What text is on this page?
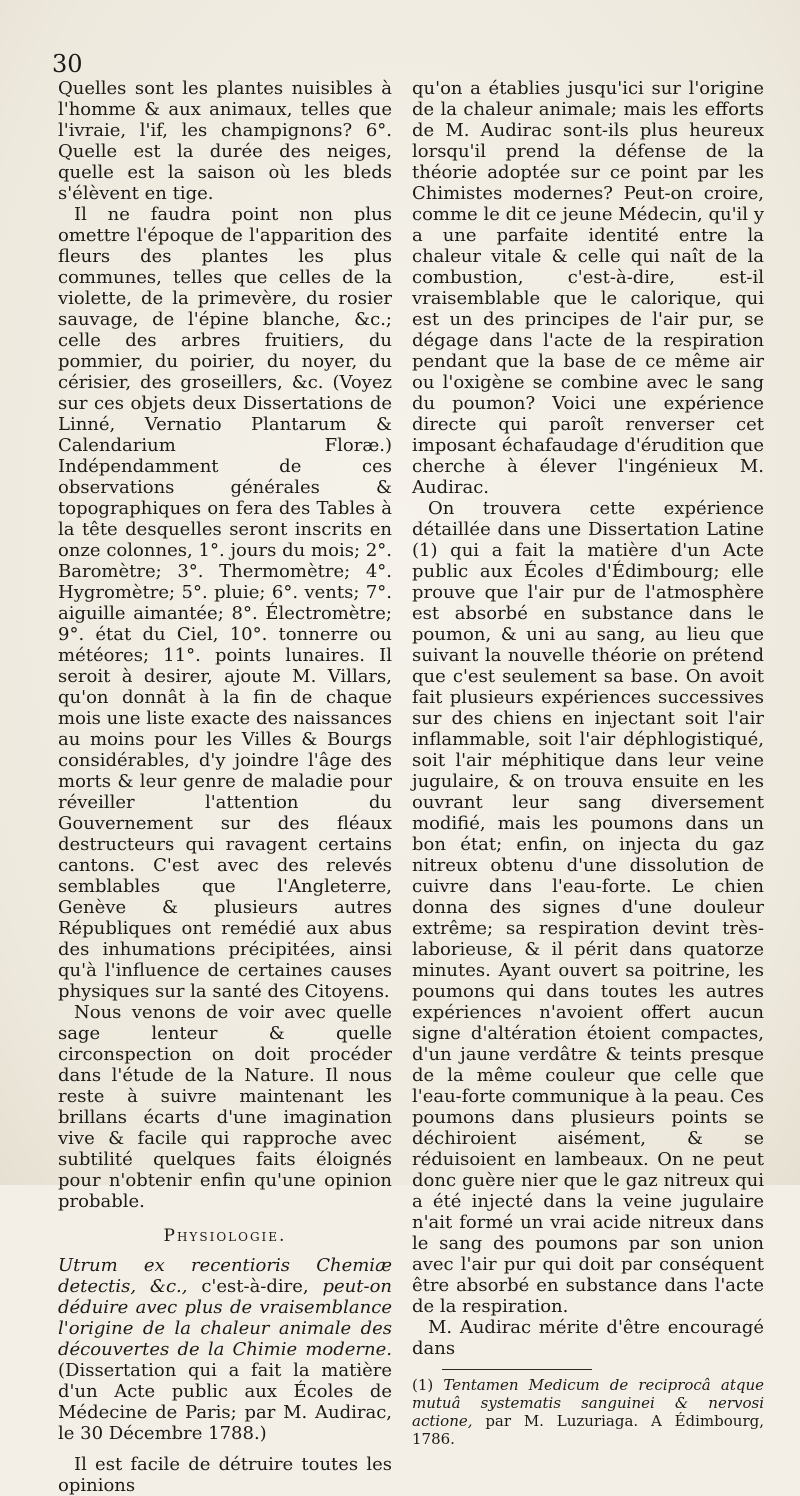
30

Quelles sont les plantes nuisibles à l'homme & aux animaux, telles que l'ivraie, l'if, les champignons? 6°. Quelle est la durée des neiges, quelle est la saison où les bleds s'élèvent en tige.

Il ne faudra point non plus omettre l'époque de l'apparition des fleurs des plantes les plus communes, telles que celles de la violette, de la primevère, du rosier sauvage, de l'épine blanche, &c.; celle des arbres fruitiers, du pommier, du poirier, du noyer, du cérisier, des groseillers, &c. (Voyez sur ces objets deux Dissertations de Linné, Vernatio Plantarum & Calendarium Floræ.) Indépendamment de ces observations générales & topographiques on fera des Tables à la tête desquelles seront inscrits en onze colonnes, 1°. jours du mois; 2°. Baromètre; 3°. Thermomètre; 4°. Hygromètre; 5°. pluie; 6°. vents; 7°. aiguille aimantée; 8°. Électromètre; 9°. état du Ciel, 10°. tonnerre ou météores; 11°. points lunaires. Il seroit à desirer, ajoute M. Villars, qu'on donnât à la fin de chaque mois une liste exacte des naissances au moins pour les Villes & Bourgs considérables, d'y joindre l'âge des morts & leur genre de maladie pour réveiller l'attention du Gouvernement sur des fléaux destructeurs qui ravagent certains cantons. C'est avec des relevés semblables que l'Angleterre, Genève & plusieurs autres Républiques ont remédié aux abus des inhumations précipitées, ainsi qu'à l'influence de certaines causes physiques sur la santé des Citoyens.

Nous venons de voir avec quelle sage lenteur & quelle circonspection on doit procéder dans l'étude de la Nature. Il nous reste à suivre maintenant les brillans écarts d'une imagination vive & facile qui rapproche avec subtilité quelques faits éloignés pour n'obtenir enfin qu'une opinion probable.

Physiologie.

Utrum ex recentioris Chemiæ detectis, &c., c'est-à-dire, peut-on déduire avec plus de vraisemblance l'origine de la chaleur animale des découvertes de la Chimie moderne. (Dissertation qui a fait la matière d'un Acte public aux Écoles de Médecine de Paris; par M. Audirac, le 30 Décembre 1788.)

Il est facile de détruire toutes les opinions

qu'on a établies jusqu'ici sur l'origine de la chaleur animale; mais les efforts de M. Audirac sont-ils plus heureux lorsqu'il prend la défense de la théorie adoptée sur ce point par les Chimistes modernes? Peut-on croire, comme le dit ce jeune Médecin, qu'il y a une parfaite identité entre la chaleur vitale & celle qui naît de la combustion, c'est-à-dire, est-il vraisemblable que le calorique, qui est un des principes de l'air pur, se dégage dans l'acte de la respiration pendant que la base de ce même air ou l'oxigène se combine avec le sang du poumon? Voici une expérience directe qui paroît renverser cet imposant échafaudage d'érudition que cherche à élever l'ingénieux M. Audirac.

On trouvera cette expérience détaillée dans une Dissertation Latine (1) qui a fait la matière d'un Acte public aux Écoles d'Édimbourg; elle prouve que l'air pur de l'atmosphère est absorbé en substance dans le poumon, & uni au sang, au lieu que suivant la nouvelle théorie on prétend que c'est seulement sa base. On avoit fait plusieurs expériences successives sur des chiens en injectant soit l'air inflammable, soit l'air déphlogistiqué, soit l'air méphitique dans leur veine jugulaire, & on trouva ensuite en les ouvrant leur sang diversement modifié, mais les poumons dans un bon état; enfin, on injecta du gaz nitreux obtenu d'une dissolution de cuivre dans l'eau-forte. Le chien donna des signes d'une douleur extrême; sa respiration devint très-laborieuse, & il périt dans quatorze minutes. Ayant ouvert sa poitrine, les poumons qui dans toutes les autres expériences n'avoient offert aucun signe d'altération étoient compactes, d'un jaune verdâtre & teints presque de la même couleur que celle que l'eau-forte communique à la peau. Ces poumons dans plusieurs points se déchiroient aisément, & se réduisoient en lambeaux. On ne peut donc guère nier que le gaz nitreux qui a été injecté dans la veine jugulaire n'ait formé un vrai acide nitreux dans le sang des poumons par son union avec l'air pur qui doit par conséquent être absorbé en substance dans l'acte de la respiration.

M. Audirac mérite d'être encouragé dans

(1) Tentamen Medicum de reciprocâ atque mutuâ systematis sanguinei & nervosi actione, par M. Luzuriaga. A Édimbourg, 1786.
